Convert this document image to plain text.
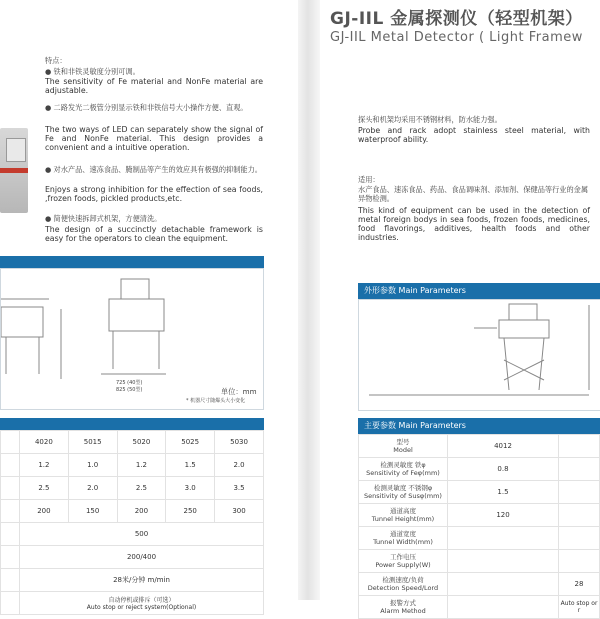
特点：
● 铁和非铁灵敏度分别可调。
The sensitivity of Fe material and NonFe material are adjustable.
● 二路发光二极管分别显示铁和非铁信号大小操作方便、直观。
The two ways of LED can separately show the signal of Fe and NonFe material. This design provides a convenient and a intuitive operation.
● 对水产品、速冻食品、腌制品等产生的效应具有极强的抑制能力。
Enjoys a strong inhibition for the effection of sea foods, ,frozen foods, pickled products,etc.
● 简便快速拆卸式机架，方便清洗。
The design of a succinctly detachable framework is easy for the operators to clean the equipment.
725 (40型)
825 (50型)	单位：mm
* 机器尺寸随爆头大小变化
	4020	5015	5020	5025	5030
	1.2	1.0	1.2	1.5	2.0
	2.5	2.0	2.5	3.0	3.5
	200	150	200	250	300
	500				
	200/400				
	28米/分钟 m/min				

	自动停机或排斥（可选）
Auto stop or reject system(Optional)				
GJ-IIL 金属探测仪（轻型机架）
GJ-IIL Metal Detector ( Light Framew
探头和机架均采用不锈钢材料，防水能力强。
Probe and rack adopt stainless steel material, with waterproof ability.
适用：
水产食品、速冻食品、药品、食品调味剂、添加剂、保健品等行业的金属异物检测。
This kind of equipment can be used in the detection of metal foreign bodys in sea foods, frozen foods, medicines, food flavorings, additives, health foods and other industries.
外形参数 Main Parameters
主要参数 Main Parameters
型号
Model	4012	

检测灵敏度 铁φ
Sensitivity of Feφ(mm)	0.8	

检测灵敏度 不锈钢φ
Sensitivity of Susφ(mm)	1.5	

通道高度
Tunnel Height(mm)	120	

通道宽度
Tunnel Width(mm)		

工作电压
Power Supply(W)		

检测速度/负荷
Detection Speed/Lord		28

报警方式
Alarm Method		Auto stop or r
